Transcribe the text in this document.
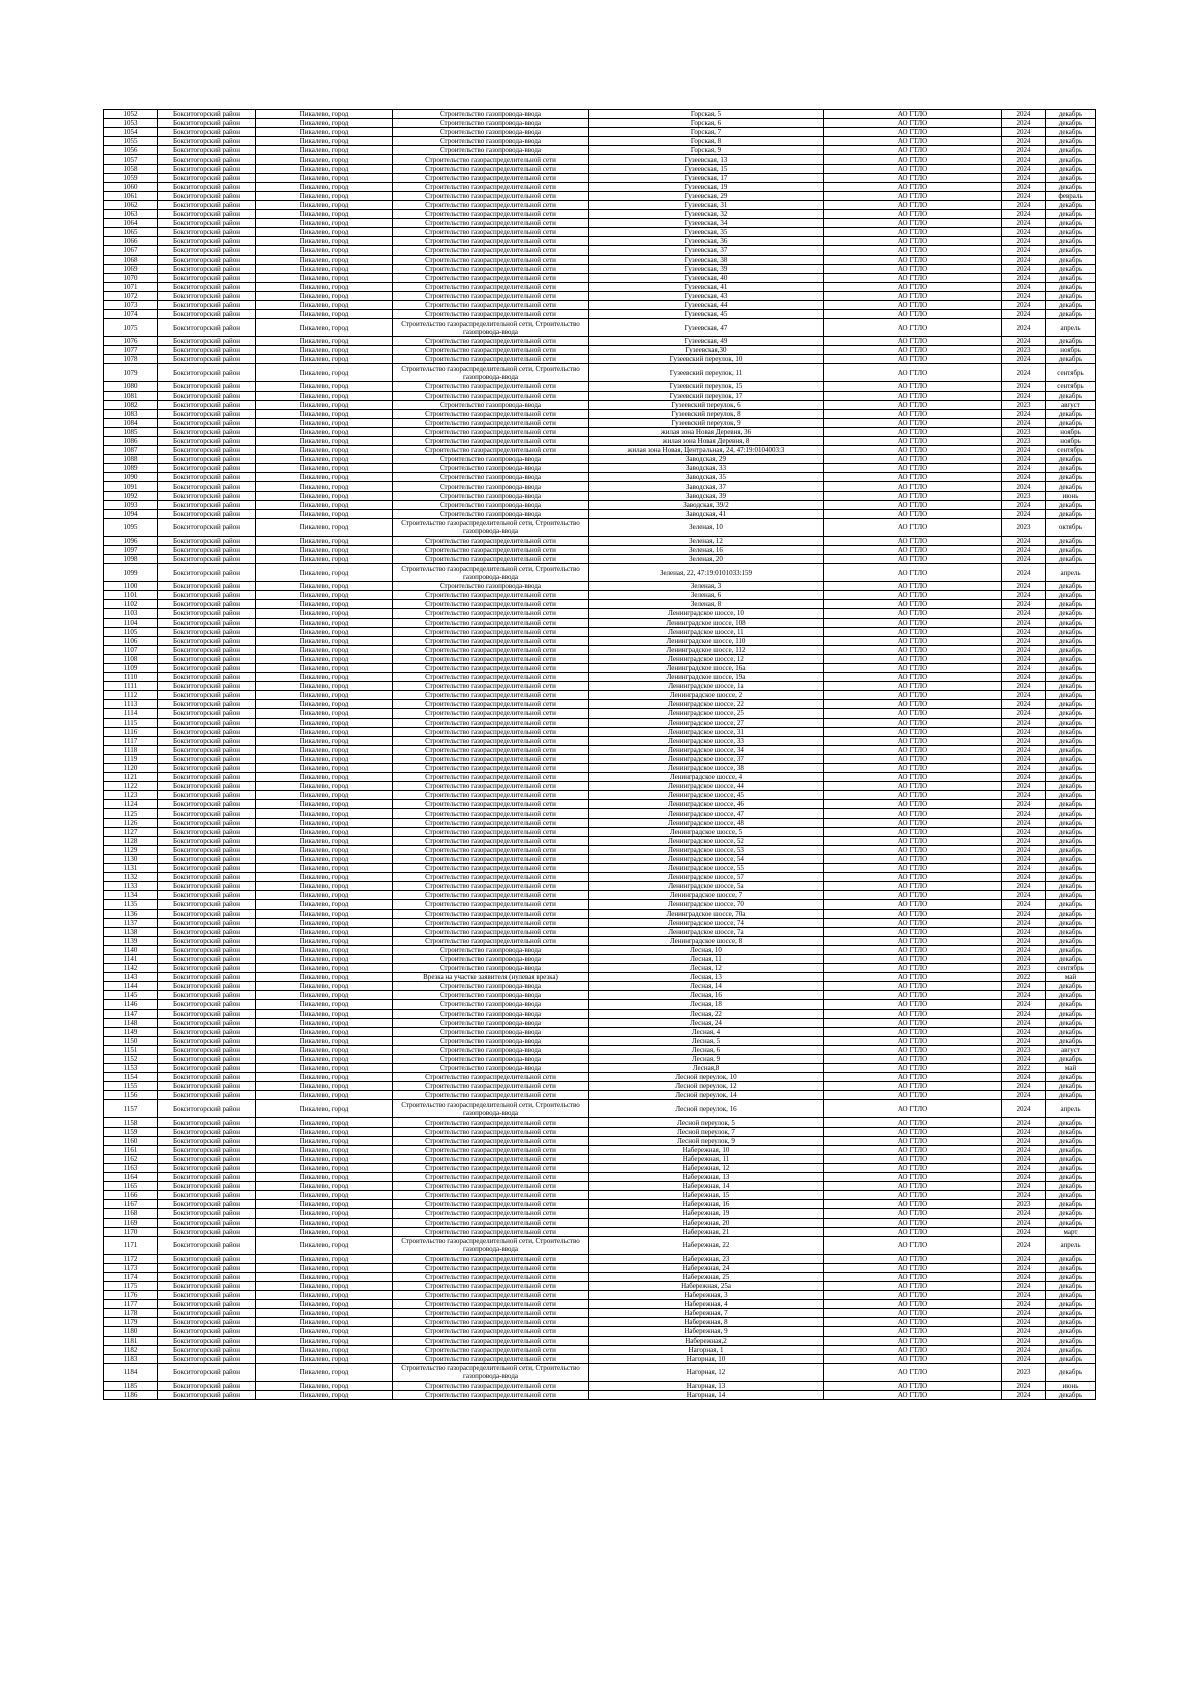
1052	Бокситогорский район	Пикалево, город	Строительство газопровода-ввода	Горская, 5	АО ГТЛО	2024	декабрь
1053	Бокситогорский район	Пикалево, город	Строительство газопровода-ввода	Горская, 6	АО ГТЛО	2024	декабрь
1054	Бокситогорский район	Пикалево, город	Строительство газопровода-ввода	Горская, 7	АО ГТЛО	2024	декабрь
1055	Бокситогорский район	Пикалево, город	Строительство газопровода-ввода	Горская, 8	АО ГТЛО	2024	декабрь
1056	Бокситогорский район	Пикалево, город	Строительство газопровода-ввода	Горская, 9	АО ГТЛО	2024	декабрь
1057	Бокситогорский район	Пикалево, город	Строительство газораспределительной сети	Гузеевская, 13	АО ГТЛО	2024	декабрь
1058	Бокситогорский район	Пикалево, город	Строительство газораспределительной сети	Гузеевская, 15	АО ГТЛО	2024	декабрь
1059	Бокситогорский район	Пикалево, город	Строительство газораспределительной сети	Гузеевская, 17	АО ГТЛО	2024	декабрь
1060	Бокситогорский район	Пикалево, город	Строительство газораспределительной сети	Гузеевская, 19	АО ГТЛО	2024	декабрь
1061	Бокситогорский район	Пикалево, город	Строительство газораспределительной сети	Гузеевская, 29	АО ГТЛО	2024	февраль
1062	Бокситогорский район	Пикалево, город	Строительство газораспределительной сети	Гузеевская, 31	АО ГТЛО	2024	декабрь
1063	Бокситогорский район	Пикалево, город	Строительство газораспределительной сети	Гузеевская, 32	АО ГТЛО	2024	декабрь
1064	Бокситогорский район	Пикалево, город	Строительство газораспределительной сети	Гузеевская, 34	АО ГТЛО	2024	декабрь
1065	Бокситогорский район	Пикалево, город	Строительство газораспределительной сети	Гузеевская, 35	АО ГТЛО	2024	декабрь
1066	Бокситогорский район	Пикалево, город	Строительство газораспределительной сети	Гузеевская, 36	АО ГТЛО	2024	декабрь
1067	Бокситогорский район	Пикалево, город	Строительство газораспределительной сети	Гузеевская, 37	АО ГТЛО	2024	декабрь
1068	Бокситогорский район	Пикалево, город	Строительство газораспределительной сети	Гузеевская, 38	АО ГТЛО	2024	декабрь
1069	Бокситогорский район	Пикалево, город	Строительство газораспределительной сети	Гузеевская, 39	АО ГТЛО	2024	декабрь
1070	Бокситогорский район	Пикалево, город	Строительство газораспределительной сети	Гузеевская, 40	АО ГТЛО	2024	декабрь
1071	Бокситогорский район	Пикалево, город	Строительство газораспределительной сети	Гузеевская, 41	АО ГТЛО	2024	декабрь
1072	Бокситогорский район	Пикалево, город	Строительство газораспределительной сети	Гузеевская, 43	АО ГТЛО	2024	декабрь
1073	Бокситогорский район	Пикалево, город	Строительство газораспределительной сети	Гузеевская, 44	АО ГТЛО	2024	декабрь
1074	Бокситогорский район	Пикалево, город	Строительство газораспределительной сети	Гузеевская, 45	АО ГТЛО	2024	декабрь
1075	Бокситогорский район	Пикалево, город	Строительство газораспределительной сети, Строительство газопровода-ввода	Гузеевская, 47	АО ГТЛО	2024	апрель
1076	Бокситогорский район	Пикалево, город	Строительство газораспределительной сети	Гузеевская, 49	АО ГТЛО	2024	декабрь
1077	Бокситогорский район	Пикалево, город	Строительство газораспределительной сети	Гузеевская,30	АО ГТЛО	2023	ноябрь
1078	Бокситогорский район	Пикалево, город	Строительство газораспределительной сети	Гузеевский переулок, 10	АО ГТЛО	2024	декабрь
1079	Бокситогорский район	Пикалево, город	Строительство газораспределительной сети, Строительство газопровода-ввода	Гузеевский переулок, 11	АО ГТЛО	2024	сентябрь
1080	Бокситогорский район	Пикалево, город	Строительство газораспределительной сети	Гузеевский переулок, 15	АО ГТЛО	2024	сентябрь
1081	Бокситогорский район	Пикалево, город	Строительство газораспределительной сети	Гузеевский переулок, 17	АО ГТЛО	2024	декабрь
1082	Бокситогорский район	Пикалево, город	Строительство газопровода-ввода	Гузеевский переулок, 6	АО ГТЛО	2023	август
1083	Бокситогорский район	Пикалево, город	Строительство газораспределительной сети	Гузеевский переулок, 8	АО ГТЛО	2024	декабрь
1084	Бокситогорский район	Пикалево, город	Строительство газораспределительной сети	Гузеевский переулок, 9	АО ГТЛО	2024	декабрь
1085	Бокситогорский район	Пикалево, город	Строительство газораспределительной сети	жилая зона Новая Деревня, 36	АО ГТЛО	2023	ноябрь
1086	Бокситогорский район	Пикалево, город	Строительство газораспределительной сети	жилая зона Новая Деревня, 8	АО ГТЛО	2023	ноябрь
1087	Бокситогорский район	Пикалево, город	Строительство газораспределительной сети	жилая зона Новая, Центральная, 24, 47:19:0104003:3	АО ГТЛО	2024	сентябрь
1088	Бокситогорский район	Пикалево, город	Строительство газопровода-ввода	Заводская, 29	АО ГТЛО	2024	декабрь
1089	Бокситогорский район	Пикалево, город	Строительство газопровода-ввода	Заводская, 33	АО ГТЛО	2024	декабрь
1090	Бокситогорский район	Пикалево, город	Строительство газопровода-ввода	Заводская, 35	АО ГТЛО	2024	декабрь
1091	Бокситогорский район	Пикалево, город	Строительство газопровода-ввода	Заводская, 37	АО ГТЛО	2024	декабрь
1092	Бокситогорский район	Пикалево, город	Строительство газопровода-ввода	Заводская, 39	АО ГТЛО	2023	июнь
1093	Бокситогорский район	Пикалево, город	Строительство газопровода-ввода	Заводская, 39/2	АО ГТЛО	2024	декабрь
1094	Бокситогорский район	Пикалево, город	Строительство газопровода-ввода	Заводская, 41	АО ГТЛО	2024	декабрь
1095	Бокситогорский район	Пикалево, город	Строительство газораспределительной сети, Строительство газопровода-ввода	Зеленая, 10	АО ГТЛО	2023	октябрь
1096	Бокситогорский район	Пикалево, город	Строительство газораспределительной сети	Зеленая, 12	АО ГТЛО	2024	декабрь
1097	Бокситогорский район	Пикалево, город	Строительство газораспределительной сети	Зеленая, 16	АО ГТЛО	2024	декабрь
1098	Бокситогорский район	Пикалево, город	Строительство газораспределительной сети	Зеленая, 20	АО ГТЛО	2024	декабрь
1099	Бокситогорский район	Пикалево, город	Строительство газораспределительной сети, Строительство газопровода-ввода	Зеленая, 22, 47:19:0101033:159	АО ГТЛО	2024	апрель
1100	Бокситогорский район	Пикалево, город	Строительство газопровода-ввода	Зеленая, 3	АО ГТЛО	2024	декабрь
1101	Бокситогорский район	Пикалево, город	Строительство газораспределительной сети	Зеленая, 6	АО ГТЛО	2024	декабрь
1102	Бокситогорский район	Пикалево, город	Строительство газораспределительной сети	Зеленая, 8	АО ГТЛО	2024	декабрь
1103	Бокситогорский район	Пикалево, город	Строительство газораспределительной сети	Ленинградское шоссе, 10	АО ГТЛО	2024	декабрь
1104	Бокситогорский район	Пикалево, город	Строительство газораспределительной сети	Ленинградское шоссе, 108	АО ГТЛО	2024	декабрь
1105	Бокситогорский район	Пикалево, город	Строительство газораспределительной сети	Ленинградское шоссе, 11	АО ГТЛО	2024	декабрь
1106	Бокситогорский район	Пикалево, город	Строительство газораспределительной сети	Ленинградское шоссе, 110	АО ГТЛО	2024	декабрь
1107	Бокситогорский район	Пикалево, город	Строительство газораспределительной сети	Ленинградское шоссе, 112	АО ГТЛО	2024	декабрь
1108	Бокситогорский район	Пикалево, город	Строительство газораспределительной сети	Ленинградское шоссе, 12	АО ГТЛО	2024	декабрь
1109	Бокситогорский район	Пикалево, город	Строительство газораспределительной сети	Ленинградское шоссе, 16а	АО ГТЛО	2024	декабрь
1110	Бокситогорский район	Пикалево, город	Строительство газораспределительной сети	Ленинградское шоссе, 19а	АО ГТЛО	2024	декабрь
1111	Бокситогорский район	Пикалево, город	Строительство газораспределительной сети	Ленинградское шоссе, 1а	АО ГТЛО	2024	декабрь
1112	Бокситогорский район	Пикалево, город	Строительство газораспределительной сети	Ленинградское шоссе, 2	АО ГТЛО	2024	декабрь
1113	Бокситогорский район	Пикалево, город	Строительство газораспределительной сети	Ленинградское шоссе, 22	АО ГТЛО	2024	декабрь
1114	Бокситогорский район	Пикалево, город	Строительство газораспределительной сети	Ленинградское шоссе, 25	АО ГТЛО	2024	декабрь
1115	Бокситогорский район	Пикалево, город	Строительство газораспределительной сети	Ленинградское шоссе, 27	АО ГТЛО	2024	декабрь
1116	Бокситогорский район	Пикалево, город	Строительство газораспределительной сети	Ленинградское шоссе, 31	АО ГТЛО	2024	декабрь
1117	Бокситогорский район	Пикалево, город	Строительство газораспределительной сети	Ленинградское шоссе, 33	АО ГТЛО	2024	декабрь
1118	Бокситогорский район	Пикалево, город	Строительство газораспределительной сети	Ленинградское шоссе, 34	АО ГТЛО	2024	декабрь
1119	Бокситогорский район	Пикалево, город	Строительство газораспределительной сети	Ленинградское шоссе, 37	АО ГТЛО	2024	декабрь
1120	Бокситогорский район	Пикалево, город	Строительство газораспределительной сети	Ленинградское шоссе, 38	АО ГТЛО	2024	декабрь
1121	Бокситогорский район	Пикалево, город	Строительство газораспределительной сети	Ленинградское шоссе, 4	АО ГТЛО	2024	декабрь
1122	Бокситогорский район	Пикалево, город	Строительство газораспределительной сети	Ленинградское шоссе, 44	АО ГТЛО	2024	декабрь
1123	Бокситогорский район	Пикалево, город	Строительство газораспределительной сети	Ленинградское шоссе, 45	АО ГТЛО	2024	декабрь
1124	Бокситогорский район	Пикалево, город	Строительство газораспределительной сети	Ленинградское шоссе, 46	АО ГТЛО	2024	декабрь
1125	Бокситогорский район	Пикалево, город	Строительство газораспределительной сети	Ленинградское шоссе, 47	АО ГТЛО	2024	декабрь
1126	Бокситогорский район	Пикалево, город	Строительство газораспределительной сети	Ленинградское шоссе, 48	АО ГТЛО	2024	декабрь
1127	Бокситогорский район	Пикалево, город	Строительство газораспределительной сети	Ленинградское шоссе, 5	АО ГТЛО	2024	декабрь
1128	Бокситогорский район	Пикалево, город	Строительство газораспределительной сети	Ленинградское шоссе, 52	АО ГТЛО	2024	декабрь
1129	Бокситогорский район	Пикалево, город	Строительство газораспределительной сети	Ленинградское шоссе, 53	АО ГТЛО	2024	декабрь
1130	Бокситогорский район	Пикалево, город	Строительство газораспределительной сети	Ленинградское шоссе, 54	АО ГТЛО	2024	декабрь
1131	Бокситогорский район	Пикалево, город	Строительство газораспределительной сети	Ленинградское шоссе, 55	АО ГТЛО	2024	декабрь
1132	Бокситогорский район	Пикалево, город	Строительство газораспределительной сети	Ленинградское шоссе, 57	АО ГТЛО	2024	декабрь
1133	Бокситогорский район	Пикалево, город	Строительство газораспределительной сети	Ленинградское шоссе, 5а	АО ГТЛО	2024	декабрь
1134	Бокситогорский район	Пикалево, город	Строительство газораспределительной сети	Ленинградское шоссе, 7	АО ГТЛО	2024	декабрь
1135	Бокситогорский район	Пикалево, город	Строительство газораспределительной сети	Ленинградское шоссе, 70	АО ГТЛО	2024	декабрь
1136	Бокситогорский район	Пикалево, город	Строительство газораспределительной сети	Ленинградское шоссе, 70а	АО ГТЛО	2024	декабрь
1137	Бокситогорский район	Пикалево, город	Строительство газораспределительной сети	Ленинградское шоссе, 74	АО ГТЛО	2024	декабрь
1138	Бокситогорский район	Пикалево, город	Строительство газораспределительной сети	Ленинградское шоссе, 7а	АО ГТЛО	2024	декабрь
1139	Бокситогорский район	Пикалево, город	Строительство газораспределительной сети	Ленинградское шоссе, 8	АО ГТЛО	2024	декабрь
1140	Бокситогорский район	Пикалево, город	Строительство газопровода-ввода	Лесная, 10	АО ГТЛО	2024	декабрь
1141	Бокситогорский район	Пикалево, город	Строительство газопровода-ввода	Лесная, 11	АО ГТЛО	2024	декабрь
1142	Бокситогорский район	Пикалево, город	Строительство газопровода-ввода	Лесная, 12	АО ГТЛО	2023	сентябрь
1143	Бокситогорский район	Пикалево, город	Врезка на участке заявителя (нулевая врезка)	Лесная, 13	АО ГТЛО	2022	май
1144	Бокситогорский район	Пикалево, город	Строительство газопровода-ввода	Лесная, 14	АО ГТЛО	2024	декабрь
1145	Бокситогорский район	Пикалево, город	Строительство газопровода-ввода	Лесная, 16	АО ГТЛО	2024	декабрь
1146	Бокситогорский район	Пикалево, город	Строительство газопровода-ввода	Лесная, 18	АО ГТЛО	2024	декабрь
1147	Бокситогорский район	Пикалево, город	Строительство газопровода-ввода	Лесная, 22	АО ГТЛО	2024	декабрь
1148	Бокситогорский район	Пикалево, город	Строительство газопровода-ввода	Лесная, 24	АО ГТЛО	2024	декабрь
1149	Бокситогорский район	Пикалево, город	Строительство газопровода-ввода	Лесная, 4	АО ГТЛО	2024	декабрь
1150	Бокситогорский район	Пикалево, город	Строительство газопровода-ввода	Лесная, 5	АО ГТЛО	2024	декабрь
1151	Бокситогорский район	Пикалево, город	Строительство газопровода-ввода	Лесная, 6	АО ГТЛО	2023	август
1152	Бокситогорский район	Пикалево, город	Строительство газопровода-ввода	Лесная, 9	АО ГТЛО	2024	декабрь
1153	Бокситогорский район	Пикалево, город	Строительство газопровода-ввода	Лесная,8	АО ГТЛО	2022	май
1154	Бокситогорский район	Пикалево, город	Строительство газораспределительной сети	Лесной переулок, 10	АО ГТЛО	2024	декабрь
1155	Бокситогорский район	Пикалево, город	Строительство газораспределительной сети	Лесной переулок, 12	АО ГТЛО	2024	декабрь
1156	Бокситогорский район	Пикалево, город	Строительство газораспределительной сети	Лесной переулок, 14	АО ГТЛО	2024	декабрь
1157	Бокситогорский район	Пикалево, город	Строительство газораспределительной сети, Строительство газопровода-ввода	Лесной переулок, 16	АО ГТЛО	2024	апрель
1158	Бокситогорский район	Пикалево, город	Строительство газораспределительной сети	Лесной переулок, 5	АО ГТЛО	2024	декабрь
1159	Бокситогорский район	Пикалево, город	Строительство газораспределительной сети	Лесной переулок, 7	АО ГТЛО	2024	декабрь
1160	Бокситогорский район	Пикалево, город	Строительство газораспределительной сети	Лесной переулок, 9	АО ГТЛО	2024	декабрь
1161	Бокситогорский район	Пикалево, город	Строительство газораспределительной сети	Набережная, 10	АО ГТЛО	2024	декабрь
1162	Бокситогорский район	Пикалево, город	Строительство газораспределительной сети	Набережная, 11	АО ГТЛО	2024	декабрь
1163	Бокситогорский район	Пикалево, город	Строительство газораспределительной сети	Набережная, 12	АО ГТЛО	2024	декабрь
1164	Бокситогорский район	Пикалево, город	Строительство газораспределительной сети	Набережная, 13	АО ГТЛО	2024	декабрь
1165	Бокситогорский район	Пикалево, город	Строительство газораспределительной сети	Набережная, 14	АО ГТЛО	2024	декабрь
1166	Бокситогорский район	Пикалево, город	Строительство газораспределительной сети	Набережная, 15	АО ГТЛО	2024	декабрь
1167	Бокситогорский район	Пикалево, город	Строительство газораспределительной сети	Набережная, 16	АО ГТЛО	2023	декабрь
1168	Бокситогорский район	Пикалево, город	Строительство газораспределительной сети	Набережная, 19	АО ГТЛО	2024	декабрь
1169	Бокситогорский район	Пикалево, город	Строительство газораспределительной сети	Набережная, 20	АО ГТЛО	2024	декабрь
1170	Бокситогорский район	Пикалево, город	Строительство газораспределительной сети	Набережная, 21	АО ГТЛО	2024	март
1171	Бокситогорский район	Пикалево, город	Строительство газораспределительной сети, Строительство газопровода-ввода	Набережная, 22	АО ГТЛО	2024	апрель
1172	Бокситогорский район	Пикалево, город	Строительство газораспределительной сети	Набережная, 23	АО ГТЛО	2024	декабрь
1173	Бокситогорский район	Пикалево, город	Строительство газораспределительной сети	Набережная, 24	АО ГТЛО	2024	декабрь
1174	Бокситогорский район	Пикалево, город	Строительство газораспределительной сети	Набережная, 25	АО ГТЛО	2024	декабрь
1175	Бокситогорский район	Пикалево, город	Строительство газораспределительной сети	Набережная, 25а	АО ГТЛО	2024	декабрь
1176	Бокситогорский район	Пикалево, город	Строительство газораспределительной сети	Набережная, 3	АО ГТЛО	2024	декабрь
1177	Бокситогорский район	Пикалево, город	Строительство газораспределительной сети	Набережная, 4	АО ГТЛО	2024	декабрь
1178	Бокситогорский район	Пикалево, город	Строительство газораспределительной сети	Набережная, 7	АО ГТЛО	2024	декабрь
1179	Бокситогорский район	Пикалево, город	Строительство газораспределительной сети	Набережная, 8	АО ГТЛО	2024	декабрь
1180	Бокситогорский район	Пикалево, город	Строительство газораспределительной сети	Набережная, 9	АО ГТЛО	2024	декабрь
1181	Бокситогорский район	Пикалево, город	Строительство газораспределительной сети	Набережная,2	АО ГТЛО	2024	декабрь
1182	Бокситогорский район	Пикалево, город	Строительство газораспределительной сети	Нагорная, 1	АО ГТЛО	2024	декабрь
1183	Бокситогорский район	Пикалево, город	Строительство газораспределительной сети	Нагорная, 10	АО ГТЛО	2024	декабрь
1184	Бокситогорский район	Пикалево, город	Строительство газораспределительной сети, Строительство газопровода-ввода	Нагорная, 12	АО ГТЛО	2023	декабрь
1185	Бокситогорский район	Пикалево, город	Строительство газораспределительной сети	Нагорная, 13	АО ГТЛО	2024	июнь
1186	Бокситогорский район	Пикалево, город	Строительство газораспределительной сети	Нагорная, 14	АО ГТЛО	2024	декабрь
